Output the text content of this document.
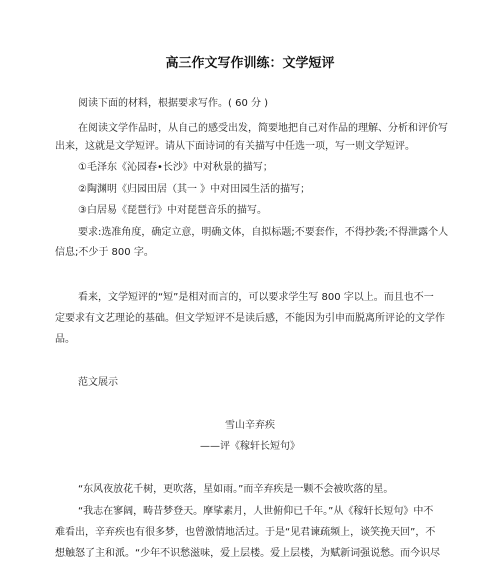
高三作文写作训练：文学短评
阅读下面的材料，根据要求写作。( 60 分 )
在阅读文学作品时，从自己的感受出发，简要地把自己对作品的理解、分析和评价写
出来，这就是文学短评。请从下面诗词的有关描写中任选一项，写一则文学短评。
①毛泽东《沁园春•长沙》中对秋景的描写；
②陶渊明《归园田居（其一 》中对田园生活的描写；
③白居易《琵琶行》中对琵琶音乐的描写。
要求:选准角度，确定立意，明确文体，自拟标题;不要套作，不得抄袭;不得泄露个人
信息;不少于 800 字。
看来，文学短评的“短”是相对而言的，可以要求学生写 800 字以上。而且也不一
定要求有文艺理论的基础。但文学短评不是读后感，不能因为引申而脱离所评论的文学作
品。
范文展示
雪山辛弃疾
——评《稼轩长短句》
“东风夜放花千树，更吹落，星如雨。”而辛弃疾是一颗不会被吹落的星。
“我志在寥阔，畴昔梦登天。摩挲素月，人世俯仰已千年。”从《稼轩长短句》中不
难看出，辛弃疾也有很多梦，也曾激情地活过。于是“见君谏疏频上，谈笑挽天回”，不
想触怒了主和派。“少年不识愁滋味，爱上层楼。爱上层楼，为赋新词强说愁。而今识尽
